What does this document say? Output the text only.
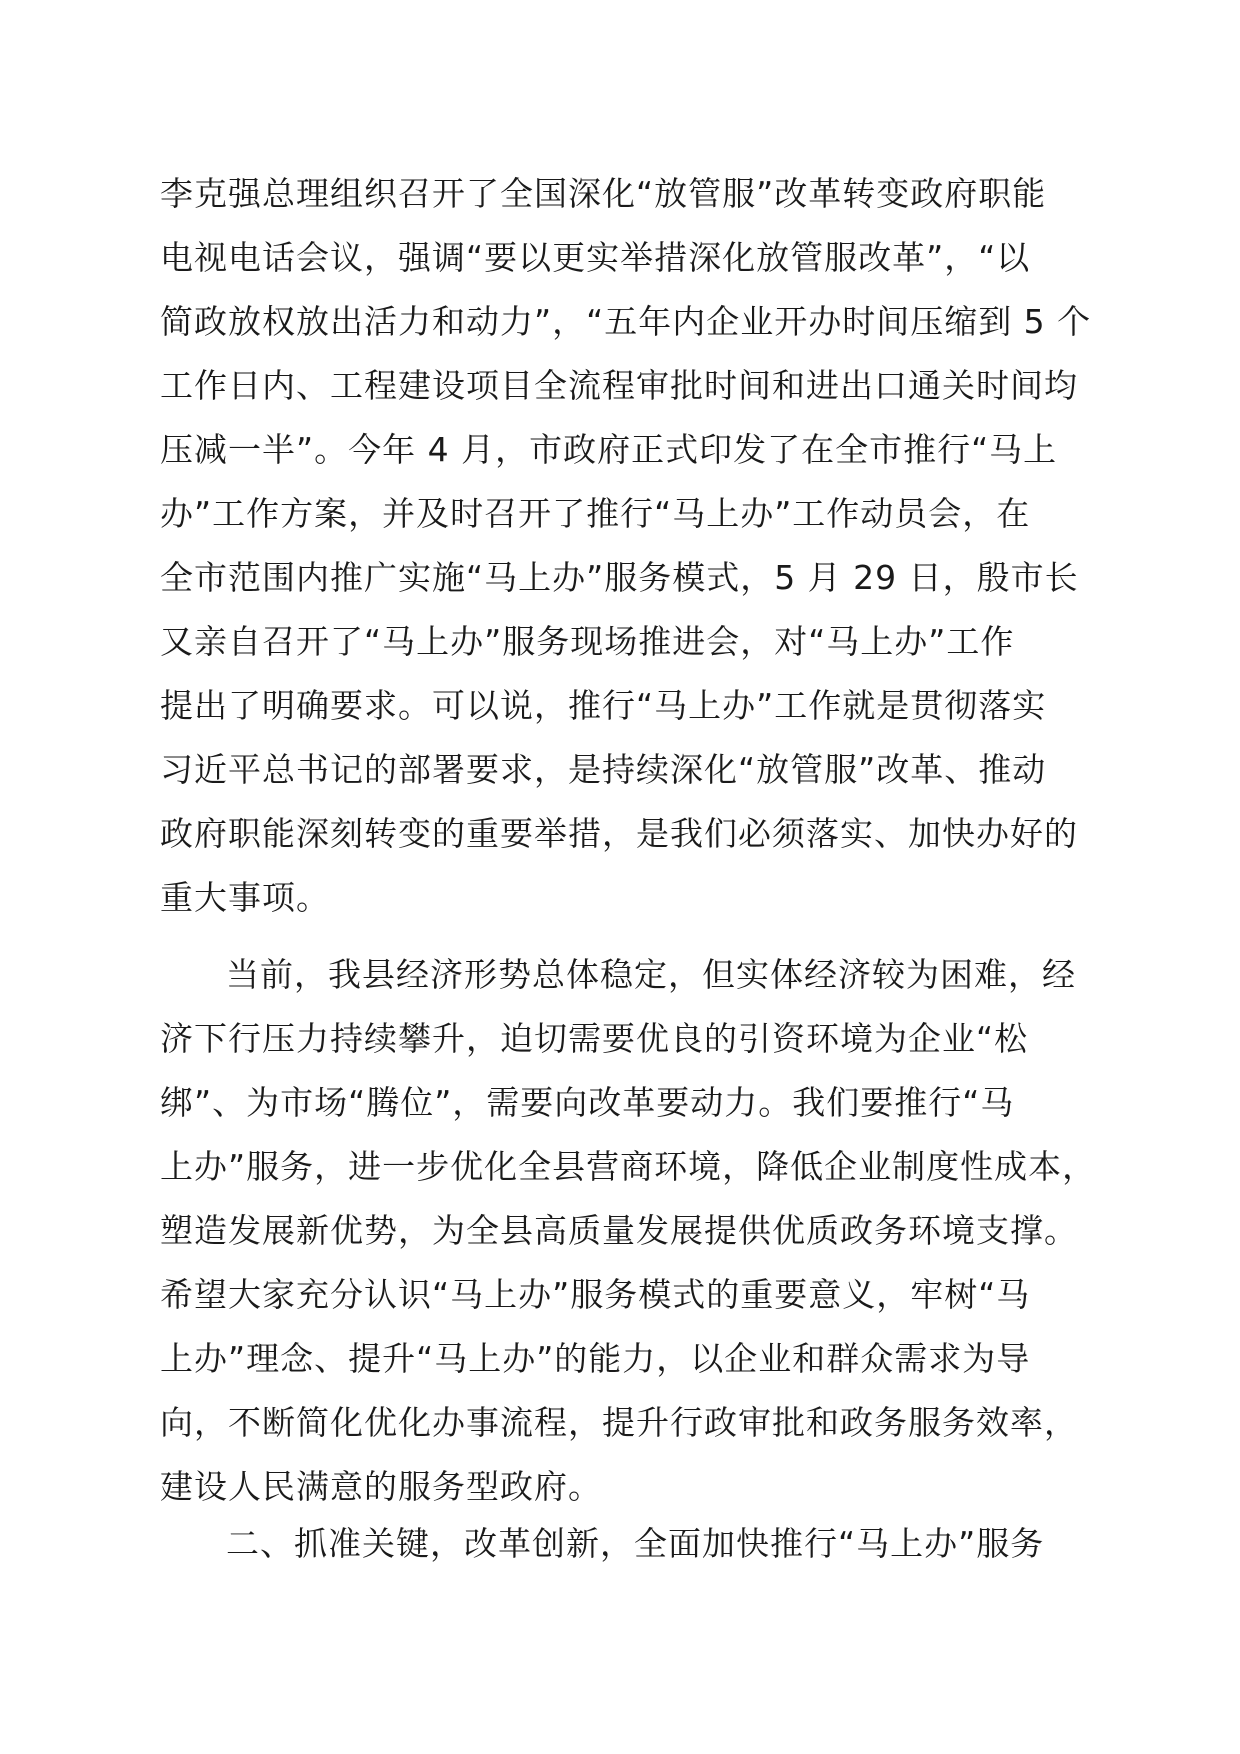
李克强总理组织召开了全国深化“放管服”改革转变政府职能
电视电话会议，强调“要以更实举措深化放管服改革”，“以
简政放权放出活力和动力”，“五年内企业开办时间压缩到 5 个
工作日内、工程建设项目全流程审批时间和进出口通关时间均
压减一半”。今年 4 月，市政府正式印发了在全市推行“马上
办”工作方案，并及时召开了推行“马上办”工作动员会，在
全市范围内推广实施“马上办”服务模式，5 月 29 日，殷市长
又亲自召开了“马上办”服务现场推进会，对“马上办”工作
提出了明确要求。可以说，推行“马上办”工作就是贯彻落实
习近平总书记的部署要求，是持续深化“放管服”改革、推动
政府职能深刻转变的重要举措，是我们必须落实、加快办好的
重大事项。
当前，我县经济形势总体稳定，但实体经济较为困难，经
济下行压力持续攀升，迫切需要优良的引资环境为企业“松
绑”、为市场“腾位”，需要向改革要动力。我们要推行“马
上办”服务，进一步优化全县营商环境，降低企业制度性成本，
塑造发展新优势，为全县高质量发展提供优质政务环境支撑。
希望大家充分认识“马上办”服务模式的重要意义，牢树“马
上办”理念、提升“马上办”的能力，以企业和群众需求为导
向，不断简化优化办事流程，提升行政审批和政务服务效率，
建设人民满意的服务型政府。
二、抓准关键，改革创新，全面加快推行“马上办”服务
